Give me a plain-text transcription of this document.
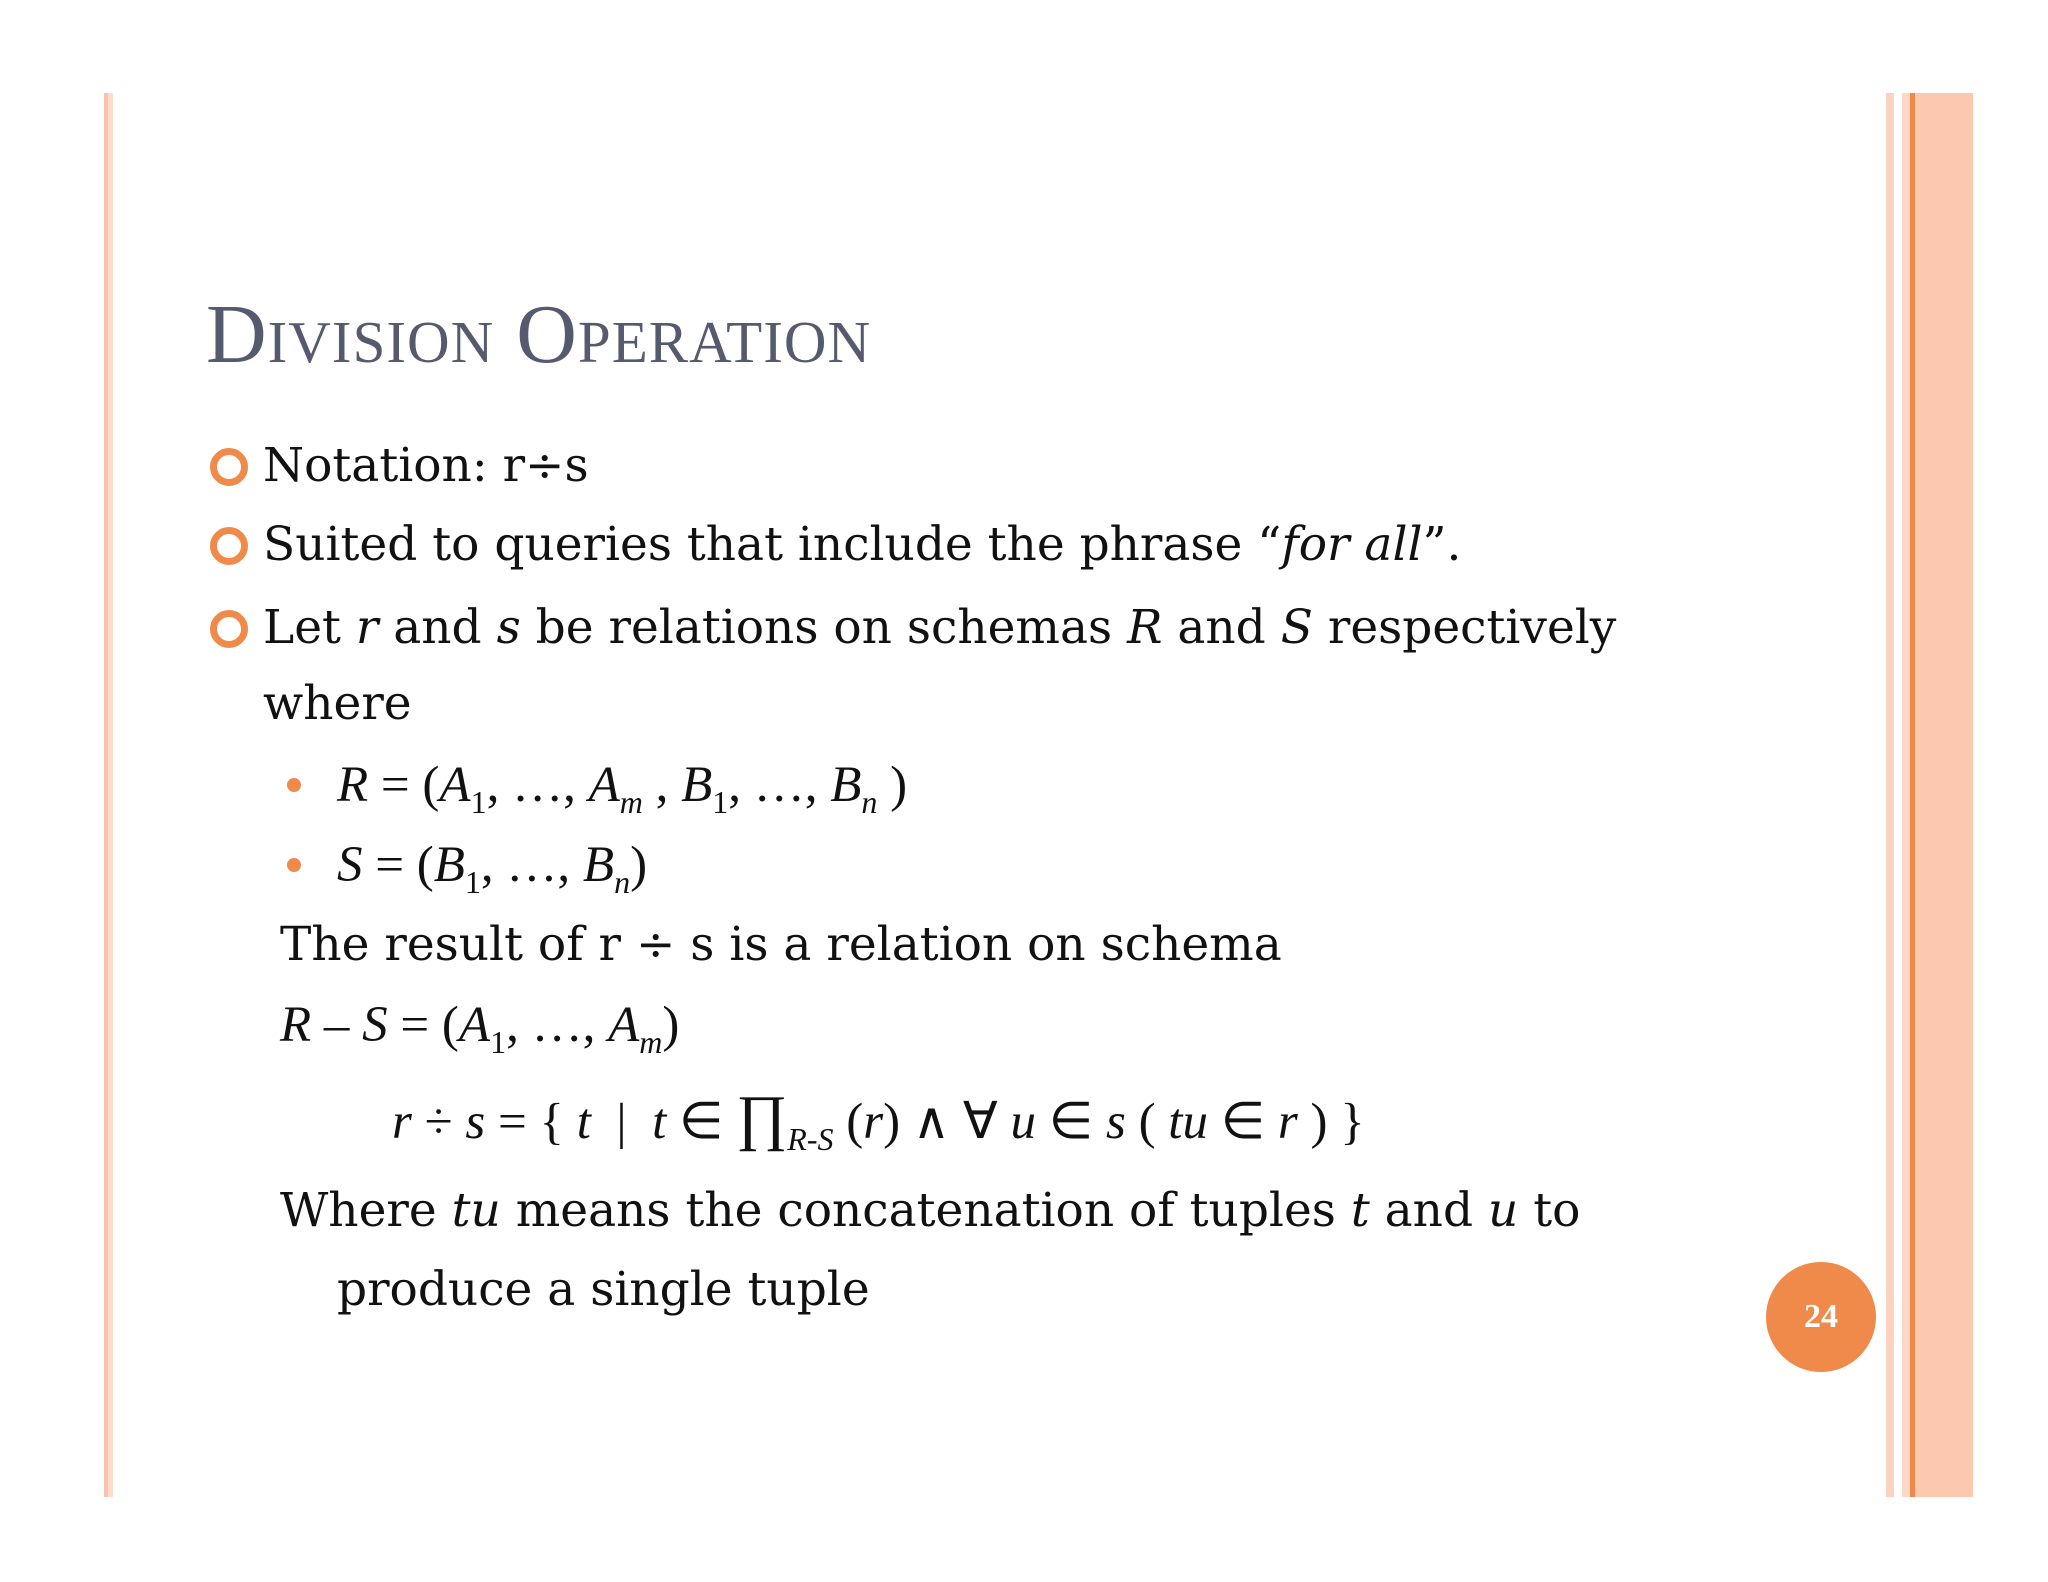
Division Operation
Notation: r÷s
Suited to queries that include the phrase “for all”.
Let r and s be relations on schemas R and S respectively
where
$R = (A_1$, …, $A_m$ , $B_1$, …, $B_n$ )
$S = (B_1$, …, $B_n$)
The result of r ÷ s is a relation on schema
$R - S = (A_1$, …, $A_m$)
r ÷ s = { t  |  t ∈ $\prod_{R-S}$ (r) ∧ ∀ u ∈ s ( tu ∈ r ) }
Where tu means the concatenation of tuples t and u to
produce a single tuple	24
